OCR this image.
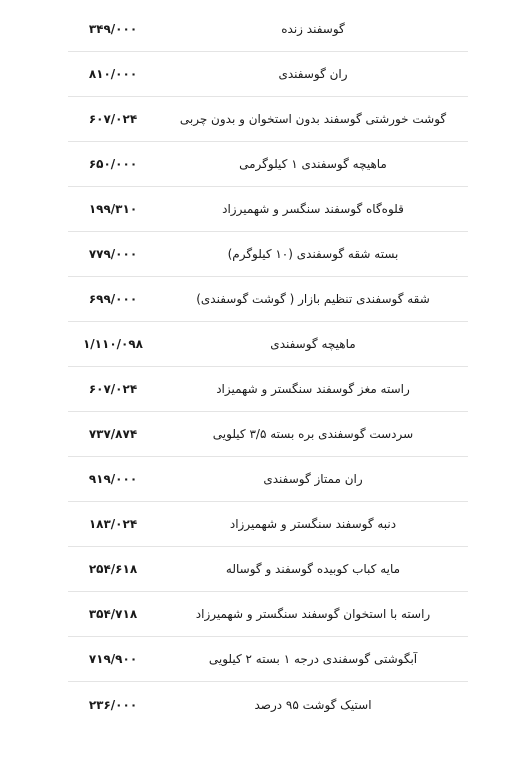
۳۴۹/۰۰۰	گوسفند زنده
۸۱۰/۰۰۰	ران گوسفندی
۶۰۷/۰۲۴	گوشت خورشتی گوسفند بدون استخوان و بدون چربی
۶۵۰/۰۰۰	ماهیچه گوسفندی ۱ کیلوگرمی
۱۹۹/۳۱۰	قلوه‌گاه گوسفند سنگسر و شهمیرزاد
۷۷۹/۰۰۰	بسته شقه گوسفندی (۱۰ کیلوگرم)
۶۹۹/۰۰۰	شقه گوسفندی تنظیم بازار ( گوشت گوسفندی)
۱/۱۱۰/۰۹۸	ماهیچه گوسفندی
۶۰۷/۰۲۴	راسته مغز گوسفند سنگستر و شهمیزاد
۷۳۷/۸۷۴	سردست گوسفندی بره بسته ۳/۵ کیلویی
۹۱۹/۰۰۰	ران ممتاز گوسفندی
۱۸۳/۰۲۴	دنبه گوسفند سنگستر و شهمیرزاد
۲۵۴/۶۱۸	مایه کباب کوبیده گوسفند و گوساله
۳۵۴/۷۱۸	راسته با استخوان گوسفند سنگستر و شهمیرزاد
۷۱۹/۹۰۰	آبگوشتی گوسفندی درجه ۱ بسته ۲ کیلویی
۲۳۶/۰۰۰	استیک گوشت ۹۵ درصد
